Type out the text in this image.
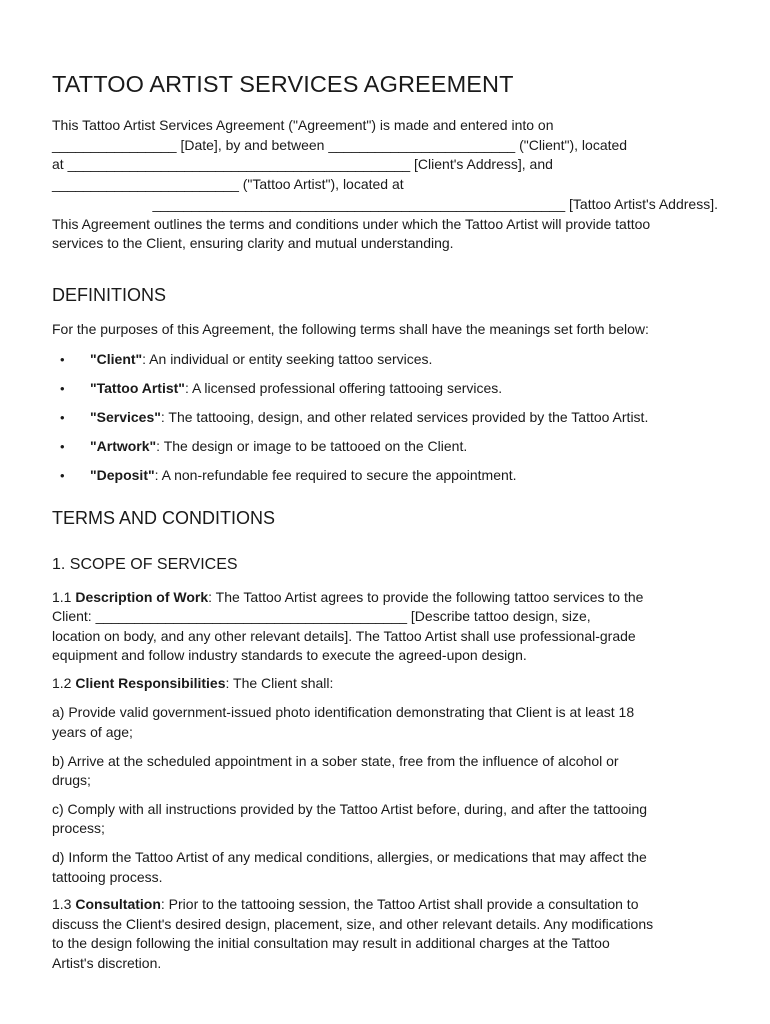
TATTOO ARTIST SERVICES AGREEMENT

This Tattoo Artist Services Agreement ("Agreement") is made and entered into on

________________ [Date], by and between ________________________ ("Client"), located

at ____________________________________________ [Client's Address], and

________________________ ("Tattoo Artist"), located at

_____________________________________________________ [Tattoo Artist's Address].

This Agreement outlines the terms and conditions under which the Tattoo Artist will provide tattoo

services to the Client, ensuring clarity and mutual understanding.

DEFINITIONS

For the purposes of this Agreement, the following terms shall have the meanings set forth below:

• "Client": An individual or entity seeking tattoo services.
• "Tattoo Artist": A licensed professional offering tattooing services.
• "Services": The tattooing, design, and other related services provided by the Tattoo Artist.
• "Artwork": The design or image to be tattooed on the Client.
• "Deposit": A non-refundable fee required to secure the appointment.
TERMS AND CONDITIONS
1. SCOPE OF SERVICES

1.1 Description of Work: The Tattoo Artist agrees to provide the following tattoo services to the

Client: ________________________________________ [Describe tattoo design, size,

location on body, and any other relevant details]. The Tattoo Artist shall use professional-grade

equipment and follow industry standards to execute the agreed-upon design.

1.2 Client Responsibilities: The Client shall:

a) Provide valid government-issued photo identification demonstrating that Client is at least 18

years of age;

b) Arrive at the scheduled appointment in a sober state, free from the influence of alcohol or

drugs;

c) Comply with all instructions provided by the Tattoo Artist before, during, and after the tattooing

process;

d) Inform the Tattoo Artist of any medical conditions, allergies, or medications that may affect the

tattooing process.

1.3 Consultation: Prior to the tattooing session, the Tattoo Artist shall provide a consultation to

discuss the Client's desired design, placement, size, and other relevant details. Any modifications

to the design following the initial consultation may result in additional charges at the Tattoo

Artist's discretion.
